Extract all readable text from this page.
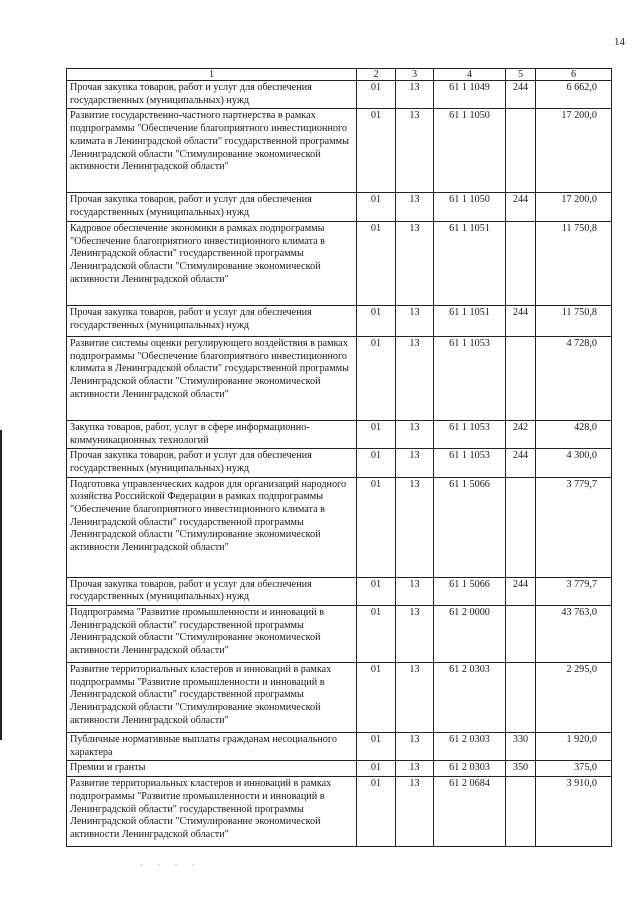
14
1	2	3	4	5	6
Прочая закупка товаров, работ и услуг для обеспечения государственных (муниципальных) нужд	01	13	61 1 1049	244	6 662,0
Развитие государственно-частного партнерства в рамках подпрограммы "Обеспечение благоприятного инвестиционного климата в Ленинградской области" государственной программы Ленинградской области "Стимулирование экономической активности Ленинградской области"	01	13	61 1 1050		17 200,0
Прочая закупка товаров, работ и услуг для обеспечения государственных (муниципальных) нужд	01	13	61 1 1050	244	17 200,0
Кадровое обеспечение экономики в рамках подпрограммы "Обеспечение благоприятного инвестиционного климата в Ленинградской области" государственной программы Ленинградской области "Стимулирование экономической активности Ленинградской области"	01	13	61 1 1051		11 750,8
Прочая закупка товаров, работ и услуг для обеспечения государственных (муниципальных) нужд	01	13	61 1 1051	244	11 750,8
Развитие системы оценки регулирующего воздействия в рамках подпрограммы "Обеспечение благоприятного инвестиционного климата в Ленинградской области" государственной программы Ленинградской области "Стимулирование экономической активности Ленинградской области"	01	13	61 1 1053		4 728,0
Закупка товаров, работ, услуг в сфере информационно-коммуникационных технологий	01	13	61 1 1053	242	428,0
Прочая закупка товаров, работ и услуг для обеспечения государственных (муниципальных) нужд	01	13	61 1 1053	244	4 300,0
Подготовка управленческих кадров для организаций народного хозяйства Российской Федерации в рамках подпрограммы "Обеспечение благоприятного инвестиционного климата в Ленинградской области" государственной программы Ленинградской области "Стимулирование экономической активности Ленинградской области"	01	13	61 1 5066		3 779,7
Прочая закупка товаров, работ и услуг для обеспечения государственных (муниципальных) нужд	01	13	61 1 5066	244	3 779,7
Подпрограмма "Развитие промышленности и инноваций в Ленинградской области" государственной программы Ленинградской области "Стимулирование экономической активности Ленинградской области"	01	13	61 2 0000		43 763,0
Развитие территориальных кластеров и инноваций в рамках подпрограммы "Развитие промышленности и инноваций в Ленинградской области" государственной программы Ленинградской области "Стимулирование экономической активности Ленинградской области"	01	13	61 2 0303		2 295,0
Публичные нормативные выплаты гражданам несоциального характера	01	13	61 2 0303	330	1 920,0
Премии и гранты	01	13	61 2 0303	350	375,0
Развитие территориальных кластеров и инноваций в рамках подпрограммы "Развитие промышленности и инноваций в Ленинградской области" государственной программы Ленинградской области "Стимулирование экономической активности Ленинградской области"	01	13	61 2 0684		3 910,0
· · · ·
